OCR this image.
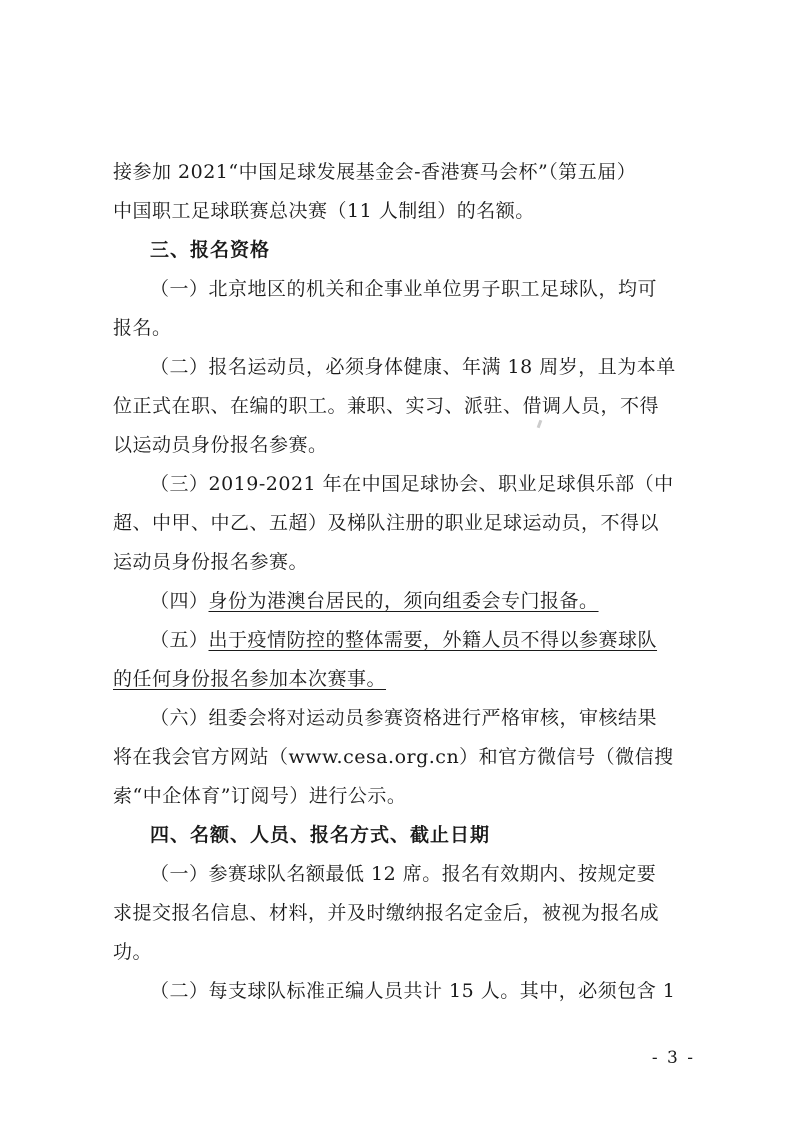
接参加 2021“中国足球发展基金会-香港赛马会杯”（第五届）
中国职工足球联赛总决赛（11 人制组）的名额。
三、报名资格
（一）北京地区的机关和企事业单位男子职工足球队，均可
报名。
（二）报名运动员，必须身体健康、年满 18 周岁，且为本单
位正式在职、在编的职工。兼职、实习、派驻、借调人员，不得
以运动员身份报名参赛。
（三）2019-2021 年在中国足球协会、职业足球俱乐部（中
超、中甲、中乙、五超）及梯队注册的职业足球运动员，不得以
运动员身份报名参赛。
（四）身份为港澳台居民的，须向组委会专门报备。
（五）出于疫情防控的整体需要，外籍人员不得以参赛球队
的任何身份报名参加本次赛事。
（六）组委会将对运动员参赛资格进行严格审核，审核结果
将在我会官方网站（www.cesa.org.cn）和官方微信号（微信搜
索“中企体育”订阅号）进行公示。
四、名额、人员、报名方式、截止日期
（一）参赛球队名额最低 12 席。报名有效期内、按规定要
求提交报名信息、材料，并及时缴纳报名定金后，被视为报名成
功。
（二）每支球队标准正编人员共计 15 人。其中，必须包含 1
- 3 -
